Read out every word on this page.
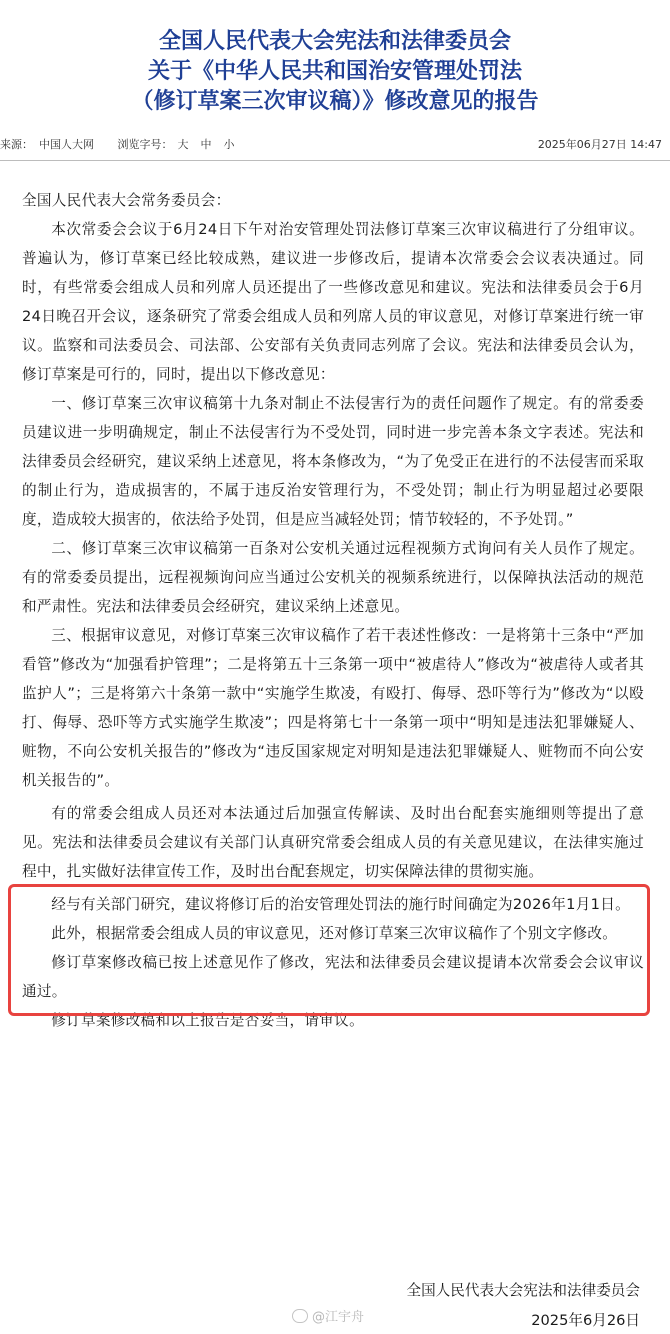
全国人民代表大会宪法和法律委员会
关于《中华人民共和国治安管理处罚法
（修订草案三次审议稿）》修改意见的报告
来源： 中国人大网 浏览字号： 大 中 小	2025年06月27日 14:47

全国人民代表大会常务委员会：

本次常委会会议于6月24日下午对治安管理处罚法修订草案三次审议稿进行了分组审议。普遍认为，修订草案已经比较成熟，建议进一步修改后，提请本次常委会会议表决通过。同时，有些常委会组成人员和列席人员还提出了一些修改意见和建议。宪法和法律委员会于6月24日晚召开会议，逐条研究了常委会组成人员和列席人员的审议意见，对修订草案进行统一审议。监察和司法委员会、司法部、公安部有关负责同志列席了会议。宪法和法律委员会认为，修订草案是可行的，同时，提出以下修改意见：

一、修订草案三次审议稿第十九条对制止不法侵害行为的责任问题作了规定。有的常委委员建议进一步明确规定，制止不法侵害行为不受处罚，同时进一步完善本条文字表述。宪法和法律委员会经研究，建议采纳上述意见，将本条修改为，“为了免受正在进行的不法侵害而采取的制止行为，造成损害的，不属于违反治安管理行为，不受处罚；制止行为明显超过必要限度，造成较大损害的，依法给予处罚，但是应当减轻处罚；情节较轻的，不予处罚。”

二、修订草案三次审议稿第一百条对公安机关通过远程视频方式询问有关人员作了规定。有的常委委员提出，远程视频询问应当通过公安机关的视频系统进行，以保障执法活动的规范和严肃性。宪法和法律委员会经研究，建议采纳上述意见。

三、根据审议意见，对修订草案三次审议稿作了若干表述性修改：一是将第十三条中“严加看管”修改为“加强看护管理”；二是将第五十三条第一项中“被虐待人”修改为“被虐待人或者其监护人”；三是将第六十条第一款中“实施学生欺凌，有殴打、侮辱、恐吓等行为”修改为“以殴打、侮辱、恐吓等方式实施学生欺凌”；四是将第七十一条第一项中“明知是违法犯罪嫌疑人、赃物，不向公安机关报告的”修改为“违反国家规定对明知是违法犯罪嫌疑人、赃物而不向公安机关报告的”。

有的常委会组成人员还对本法通过后加强宣传解读、及时出台配套实施细则等提出了意见。宪法和法律委员会建议有关部门认真研究常委会组成人员的有关意见建议，在法律实施过程中，扎实做好法律宣传工作，及时出台配套规定，切实保障法律的贯彻实施。

经与有关部门研究，建议将修订后的治安管理处罚法的施行时间确定为2026年1月1日。

此外，根据常委会组成人员的审议意见，还对修订草案三次审议稿作了个别文字修改。

修订草案修改稿已按上述意见作了修改，宪法和法律委员会建议提请本次常委会会议审议通过。

修订草案修改稿和以上报告是否妥当，请审议。

全国人民代表大会宪法和法律委员会
@江宇舟	2025年6月26日
